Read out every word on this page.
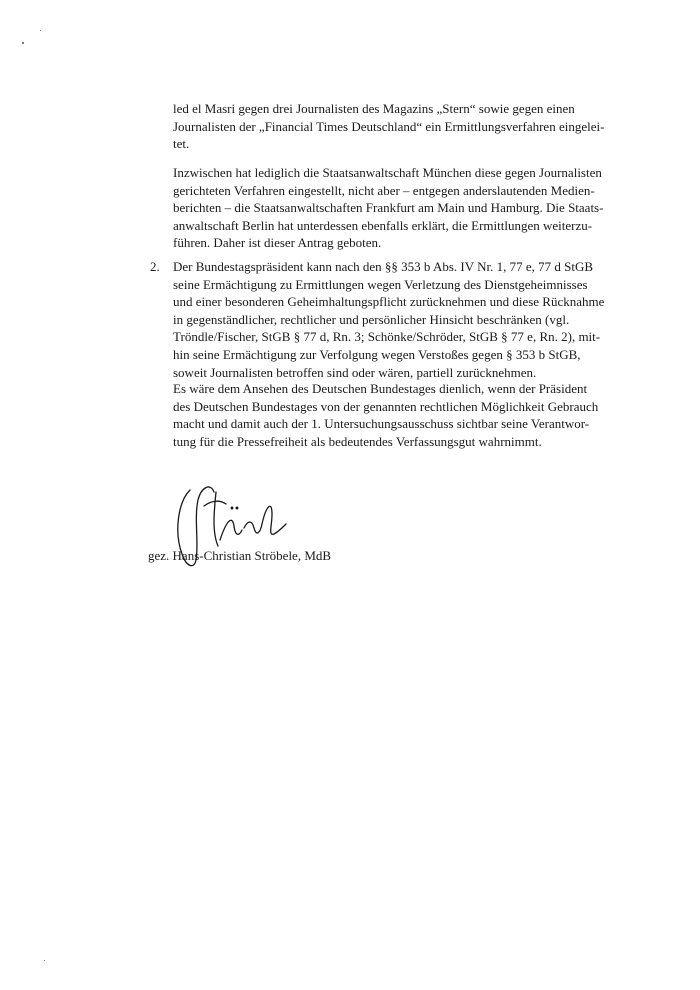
led el Masri gegen drei Journalisten des Magazins „Stern“ sowie gegen einen
Journalisten der „Financial Times Deutschland“ ein Ermittlungsverfahren eingelei-
tet.

Inzwischen hat lediglich die Staatsanwaltschaft München diese gegen Journalisten
gerichteten Verfahren eingestellt, nicht aber – entgegen anderslautenden Medien-
berichten – die Staatsanwaltschaften Frankfurt am Main und Hamburg. Die Staats-
anwaltschaft Berlin hat unterdessen ebenfalls erklärt, die Ermittlungen weiterzu-
führen. Daher ist dieser Antrag geboten.

2. Der Bundestagspräsident kann nach den §§ 353 b Abs. IV Nr. 1, 77 e, 77 d StGB
seine Ermächtigung zu Ermittlungen wegen Verletzung des Dienstgeheimnisses
und einer besonderen Geheimhaltungspflicht zurücknehmen und diese Rücknahme
in gegenständlicher, rechtlicher und persönlicher Hinsicht beschränken (vgl.
Tröndle/Fischer, StGB § 77 d, Rn. 3; Schönke/Schröder, StGB § 77 e, Rn. 2), mit-
hin seine Ermächtigung zur Verfolgung wegen Verstoßes gegen § 353 b StGB,
soweit Journalisten betroffen sind oder wären, partiell zurücknehmen.

Es wäre dem Ansehen des Deutschen Bundestages dienlich, wenn der Präsident
des Deutschen Bundestages von der genannten rechtlichen Möglichkeit Gebrauch
macht und damit auch der 1. Untersuchungsausschuss sichtbar seine Verantwor-
tung für die Pressefreiheit als bedeutendes Verfassungsgut wahrnimmt.

gez. Hans-Christian Ströbele, MdB
